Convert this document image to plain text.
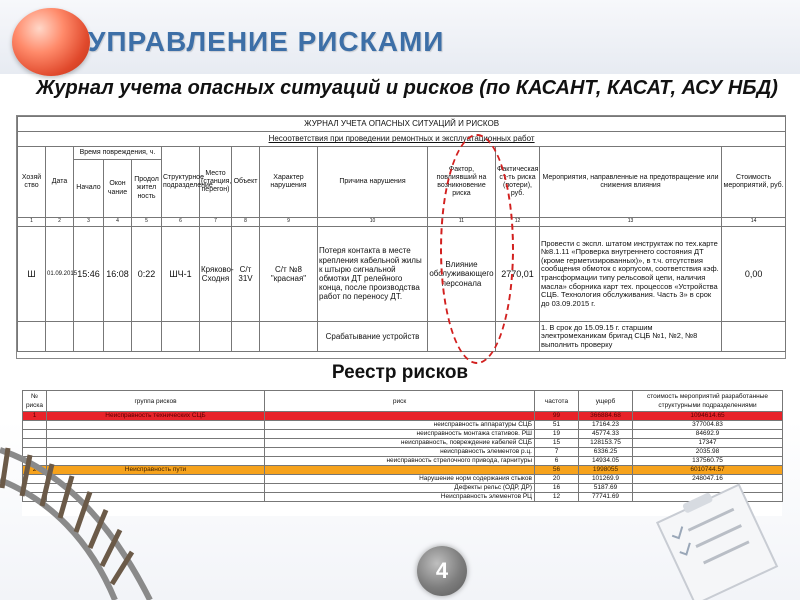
УПРАВЛЕНИЕ РИСКАМИ
Журнал учета опасных ситуаций и рисков (по КАСАНТ, КАСАТ, АСУ НБД)
ЖУРНАЛ УЧЕТА ОПАСНЫХ СИТУАЦИЙ И РИСКОВ													
Несоответствия при проведении ремонтных и эксплуатационных работ													
Хозяй ство	Дата	Время повреждения, ч.			Структурное подразделение	Место (станция, перегон)	Объект	Характер нарушения	Причина нарушения	Фактор, повлиявший на возникновение риска	Фактическая ст-ть риска (потери), руб.	Мероприятия, направленные на предотвращение или снижения влияния	Стоимость мероприятий, руб.
		Начало	Окон чание	Продол жител ность									
1	2	3	4	5	6	7	8	9	10	11	12	13	14
Ш	01.09.2015	15:46	16:08	0:22	ШЧ-1	Кряково-Сходня	С/т 31V	С/т №8 "красная"	Потеря контакта в месте крепления кабельной жилы к штырю сигнальной обмотки ДТ релейного конца, после производства работ по переносу ДТ.	Влияние обслуживающего персонала	2770,01	Провести с экспл. штатом инструктаж по тех.карте №8.1.11 «Проверка внутреннего состояния ДТ (кроме герметизированных)», в т.ч. отсутствия сообщения обмоток с корпусом, соответствия кэф. трансформации типу рельсовой цепи, наличия масла» сборника карт тех. процессов «Устройства СЦБ. Технология обслуживания. Часть 3» в срок до 03.09.2015 г.	0,00
									Срабатывание устройств			1. В срок до 15.09.15 г. старшим электромеханикам бригад СЦБ №1, №2, №8 выполнить проверку	
Реестр рисков
№ риска	группа рисков	риск	частота	ущерб	стоимость мероприятий разработанные структурными подразделениями
1	Неисправность технических СЦБ		99	366884.68	1094614.65
		неисправность аппаратуры СЦБ	51	17164.23	377004.83
		неисправность монтажа стативов. РШ	19	45774.33	84692.9
		неисправность, повреждение кабелей СЦБ	15	128153.75	17347
		неисправность элементов р.ц.	7	6336.25	2035.98
		неисправность стрелочного привода, гарнитуры	6	14934.05	137560.75
2	Неисправность пути		56	1998055	6010744.57
		Нарушение норм содержания стыков	20	101269.9	248047.16
		Дефекты рельс (ОДР, ДР)	16	5187.69	
		Неисправность элементов РЦ	12	77741.69	
4
